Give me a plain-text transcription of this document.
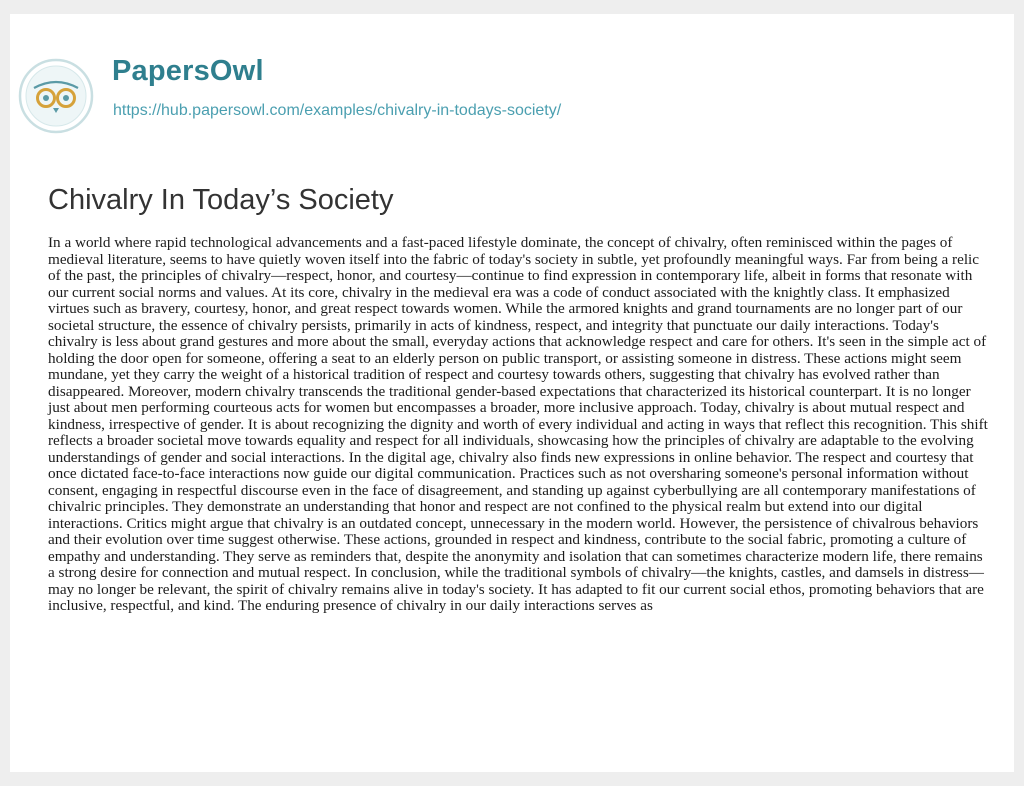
PapersOwl
https://hub.papersowl.com/examples/chivalry-in-todays-society/
Chivalry In Today’s Society

In a world where rapid technological advancements and a fast-paced lifestyle dominate, the concept of chivalry, often reminisced within the pages of medieval literature, seems to have quietly woven itself into the fabric of today's society in subtle, yet profoundly meaningful ways. Far from being a relic of the past, the principles of chivalry—respect, honor, and courtesy—continue to find expression in contemporary life, albeit in forms that resonate with our current social norms and values. At its core, chivalry in the medieval era was a code of conduct associated with the knightly class. It emphasized virtues such as bravery, courtesy, honor, and great respect towards women. While the armored knights and grand tournaments are no longer part of our societal structure, the essence of chivalry persists, primarily in acts of kindness, respect, and integrity that punctuate our daily interactions. Today's chivalry is less about grand gestures and more about the small, everyday actions that acknowledge respect and care for others. It's seen in the simple act of holding the door open for someone, offering a seat to an elderly person on public transport, or assisting someone in distress. These actions might seem mundane, yet they carry the weight of a historical tradition of respect and courtesy towards others, suggesting that chivalry has evolved rather than disappeared. Moreover, modern chivalry transcends the traditional gender-based expectations that characterized its historical counterpart. It is no longer just about men performing courteous acts for women but encompasses a broader, more inclusive approach. Today, chivalry is about mutual respect and kindness, irrespective of gender. It is about recognizing the dignity and worth of every individual and acting in ways that reflect this recognition. This shift reflects a broader societal move towards equality and respect for all individuals, showcasing how the principles of chivalry are adaptable to the evolving understandings of gender and social interactions. In the digital age, chivalry also finds new expressions in online behavior. The respect and courtesy that once dictated face-to-face interactions now guide our digital communication. Practices such as not oversharing someone's personal information without consent, engaging in respectful discourse even in the face of disagreement, and standing up against cyberbullying are all contemporary manifestations of chivalric principles. They demonstrate an understanding that honor and respect are not confined to the physical realm but extend into our digital interactions. Critics might argue that chivalry is an outdated concept, unnecessary in the modern world. However, the persistence of chivalrous behaviors and their evolution over time suggest otherwise. These actions, grounded in respect and kindness, contribute to the social fabric, promoting a culture of empathy and understanding. They serve as reminders that, despite the anonymity and isolation that can sometimes characterize modern life, there remains a strong desire for connection and mutual respect. In conclusion, while the traditional symbols of chivalry—the knights, castles, and damsels in distress—may no longer be relevant, the spirit of chivalry remains alive in today's society. It has adapted to fit our current social ethos, promoting behaviors that are inclusive, respectful, and kind. The enduring presence of chivalry in our daily interactions serves as
